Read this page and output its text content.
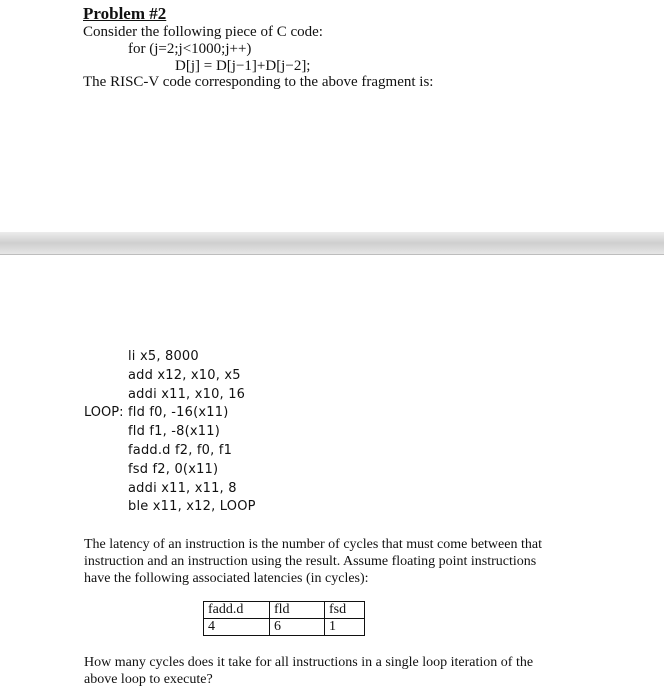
Problem #2
Consider the following piece of C code:
for (j=2;j<1000;j++)
D[j] = D[j−1]+D[j−2];
The RISC-V code corresponding to the above fragment is:
li x5, 8000
add x12, x10, x5
addi x11, x10, 16
LOOP: fld f0, -16(x11)
fld f1, -8(x11)
fadd.d f2, f0, f1
fsd f2, 0(x11)
addi x11, x11, 8
ble x11, x12, LOOP
The latency of an instruction is the number of cycles that must come between that
instruction and an instruction using the result. Assume floating point instructions
have the following associated latencies (in cycles):
fadd.d	fld	fsd
4	6	1
How many cycles does it take for all instructions in a single loop iteration of the
above loop to execute?
